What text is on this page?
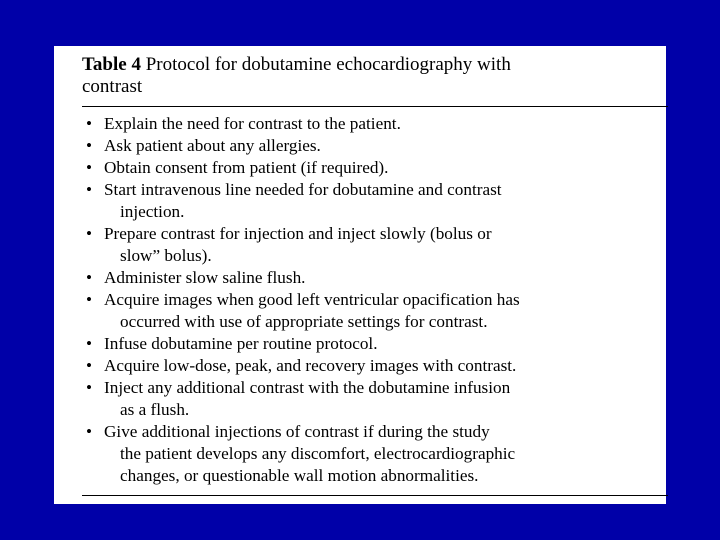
Table 4 Protocol for dobutamine echocardiography with
contrast
• Explain the need for contrast to the patient.
• Ask patient about any allergies.
• Obtain consent from patient (if required).
• Start intravenous line needed for dobutamine and contrast
injection.
• Prepare contrast for injection and inject slowly (bolus or
slow” bolus).
• Administer slow saline flush.
• Acquire images when good left ventricular opacification has
occurred with use of appropriate settings for contrast.
• Infuse dobutamine per routine protocol.
• Acquire low-dose, peak, and recovery images with contrast.
• Inject any additional contrast with the dobutamine infusion
as a flush.
• Give additional injections of contrast if during the study
the patient develops any discomfort, electrocardiographic
changes, or questionable wall motion abnormalities.
